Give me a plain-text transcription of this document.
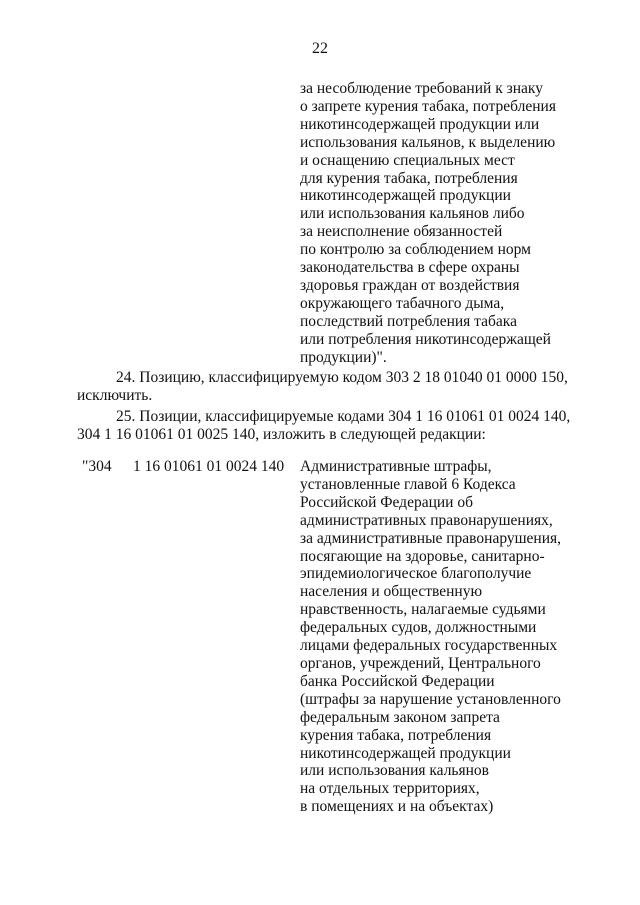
22
за несоблюдение требований к знаку
о запрете курения табака, потребления
никотинсодержащей продукции или
использования кальянов, к выделению
и оснащению специальных мест
для курения табака, потребления
никотинсодержащей продукции
или использования кальянов либо
за неисполнение обязанностей
по контролю за соблюдением норм
законодательства в сфере охраны
здоровья граждан от воздействия
окружающего табачного дыма,
последствий потребления табака
или потребления никотинсодержащей
продукции)".
24. Позицию, классифицируемую кодом 303 2 18 01040 01 0000 150,
исключить.
25. Позиции, классифицируемые кодами 304 1 16 01061 01 0024 140,
304 1 16 01061 01 0025 140, изложить в следующей редакции:
"304 1 16 01061 01 0024 140 Административные штрафы,
установленные главой 6 Кодекса
Российской Федерации об
административных правонарушениях,
за административные правонарушения,
посягающие на здоровье, санитарно-
эпидемиологическое благополучие
населения и общественную
нравственность, налагаемые судьями
федеральных судов, должностными
лицами федеральных государственных
органов, учреждений, Центрального
банка Российской Федерации
(штрафы за нарушение установленного
федеральным законом запрета
курения табака, потребления
никотинсодержащей продукции
или использования кальянов
на отдельных территориях,
в помещениях и на объектах)
